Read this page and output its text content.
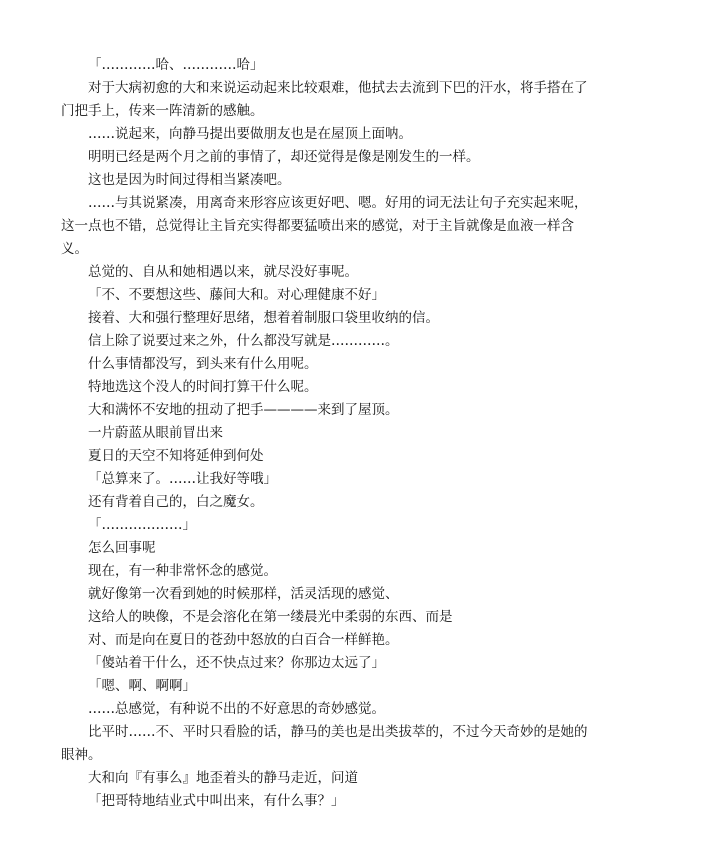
「…………哈、…………哈」

对于大病初愈的大和来说运动起来比较艰难，他拭去去流到下巴的汗水，将手搭在了门把手上，传来一阵清新的感触。

……说起来，向静马提出要做朋友也是在屋顶上面呐。

明明已经是两个月之前的事情了，却还觉得是像是刚发生的一样。

这也是因为时间过得相当紧凑吧。

……与其说紧凑，用离奇来形容应该更好吧、嗯。好用的词无法让句子充实起来呢，这一点也不错，总觉得让主旨充实得都要猛喷出来的感觉，对于主旨就像是血液一样含义。

总觉的、自从和她相遇以来，就尽没好事呢。

「不、不要想这些、藤间大和。对心理健康不好」

接着、大和强行整理好思绪，想着着制服口袋里收纳的信。

信上除了说要过来之外，什么都没写就是…………。

什么事情都没写，到头来有什么用呢。

特地选这个没人的时间打算干什么呢。

大和满怀不安地的扭动了把手————来到了屋顶。

一片蔚蓝从眼前冒出来

夏日的天空不知将延伸到何处

「总算来了。……让我好等哦」

还有背着自己的，白之魔女。

「………………」

怎么回事呢

现在，有一种非常怀念的感觉。

就好像第一次看到她的时候那样，活灵活现的感觉、

这给人的映像，不是会溶化在第一缕晨光中柔弱的东西、而是

对、而是向在夏日的苍劲中怒放的白百合一样鲜艳。

「傻站着干什么，还不快点过来？你那边太远了」

「嗯、啊、啊啊」

……总感觉，有种说不出的不好意思的奇妙感觉。

比平时……不、平时只看脸的话，静马的美也是出类拔萃的，不过今天奇妙的是她的眼神。

大和向『有事么』地歪着头的静马走近，问道

「把哥特地结业式中叫出来，有什么事？」
